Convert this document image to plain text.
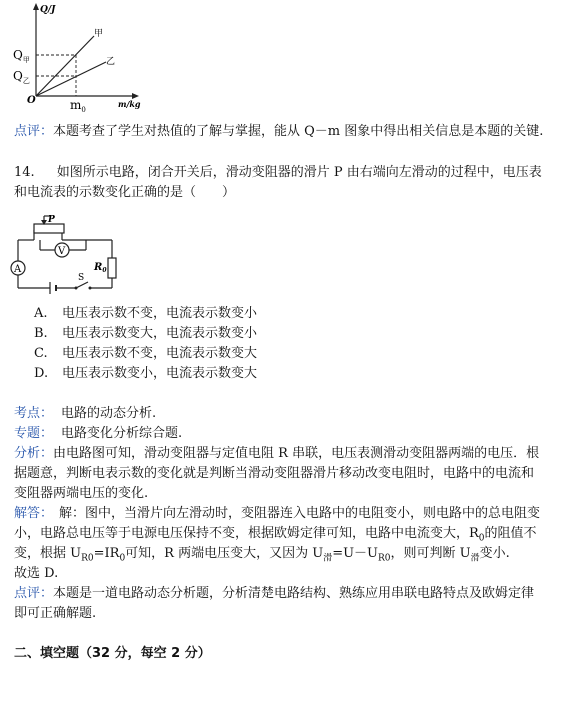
Q/J
m/kg
O
$Q_甲$
$Q_乙$
$m_0$
甲
乙
点评：本题考查了学生对热值的了解与掌握，能从 Q－m 图象中得出相关信息是本题的关键.
14. 如图所示电路，闭合开关后，滑动变阻器的滑片 P 由右端向左滑动的过程中，电压表
和电流表的示数变化正确的是（　　）
P
V
A
S
$R_0$
A. 电压表示数不变，电流表示数变小
B. 电压表示数变大，电流表示数变小
C. 电压表示数不变，电流表示数变大
D. 电压表示数变小，电流表示数变大
考点： 电路的动态分析.
专题： 电路变化分析综合题.
分析：由电路图可知，滑动变阻器与定值电阻 R 串联，电压表测滑动变阻器两端的电压．根
据题意，判断电表示数的变化就是判断当滑动变阻器滑片移动改变电阻时，电路中的电流和
变阻器两端电压的变化.
解答： 解：图中，当滑片向左滑动时，变阻器连入电路中的电阻变小，则电路中的总电阻变
小，电路总电压等于电源电压保持不变，根据欧姆定律可知，电路中电流变大，$R_0$的阻值不
变，根据 $U_{R0}=IR_0$可知，R 两端电压变大，又因为 $U_滑=U-U_{R0}$，则可判断 $U_滑$变小.
故选 D.
点评：本题是一道电路动态分析题，分析清楚电路结构、熟练应用串联电路特点及欧姆定律
即可正确解题.
二、填空题（32 分，每空 2 分）
